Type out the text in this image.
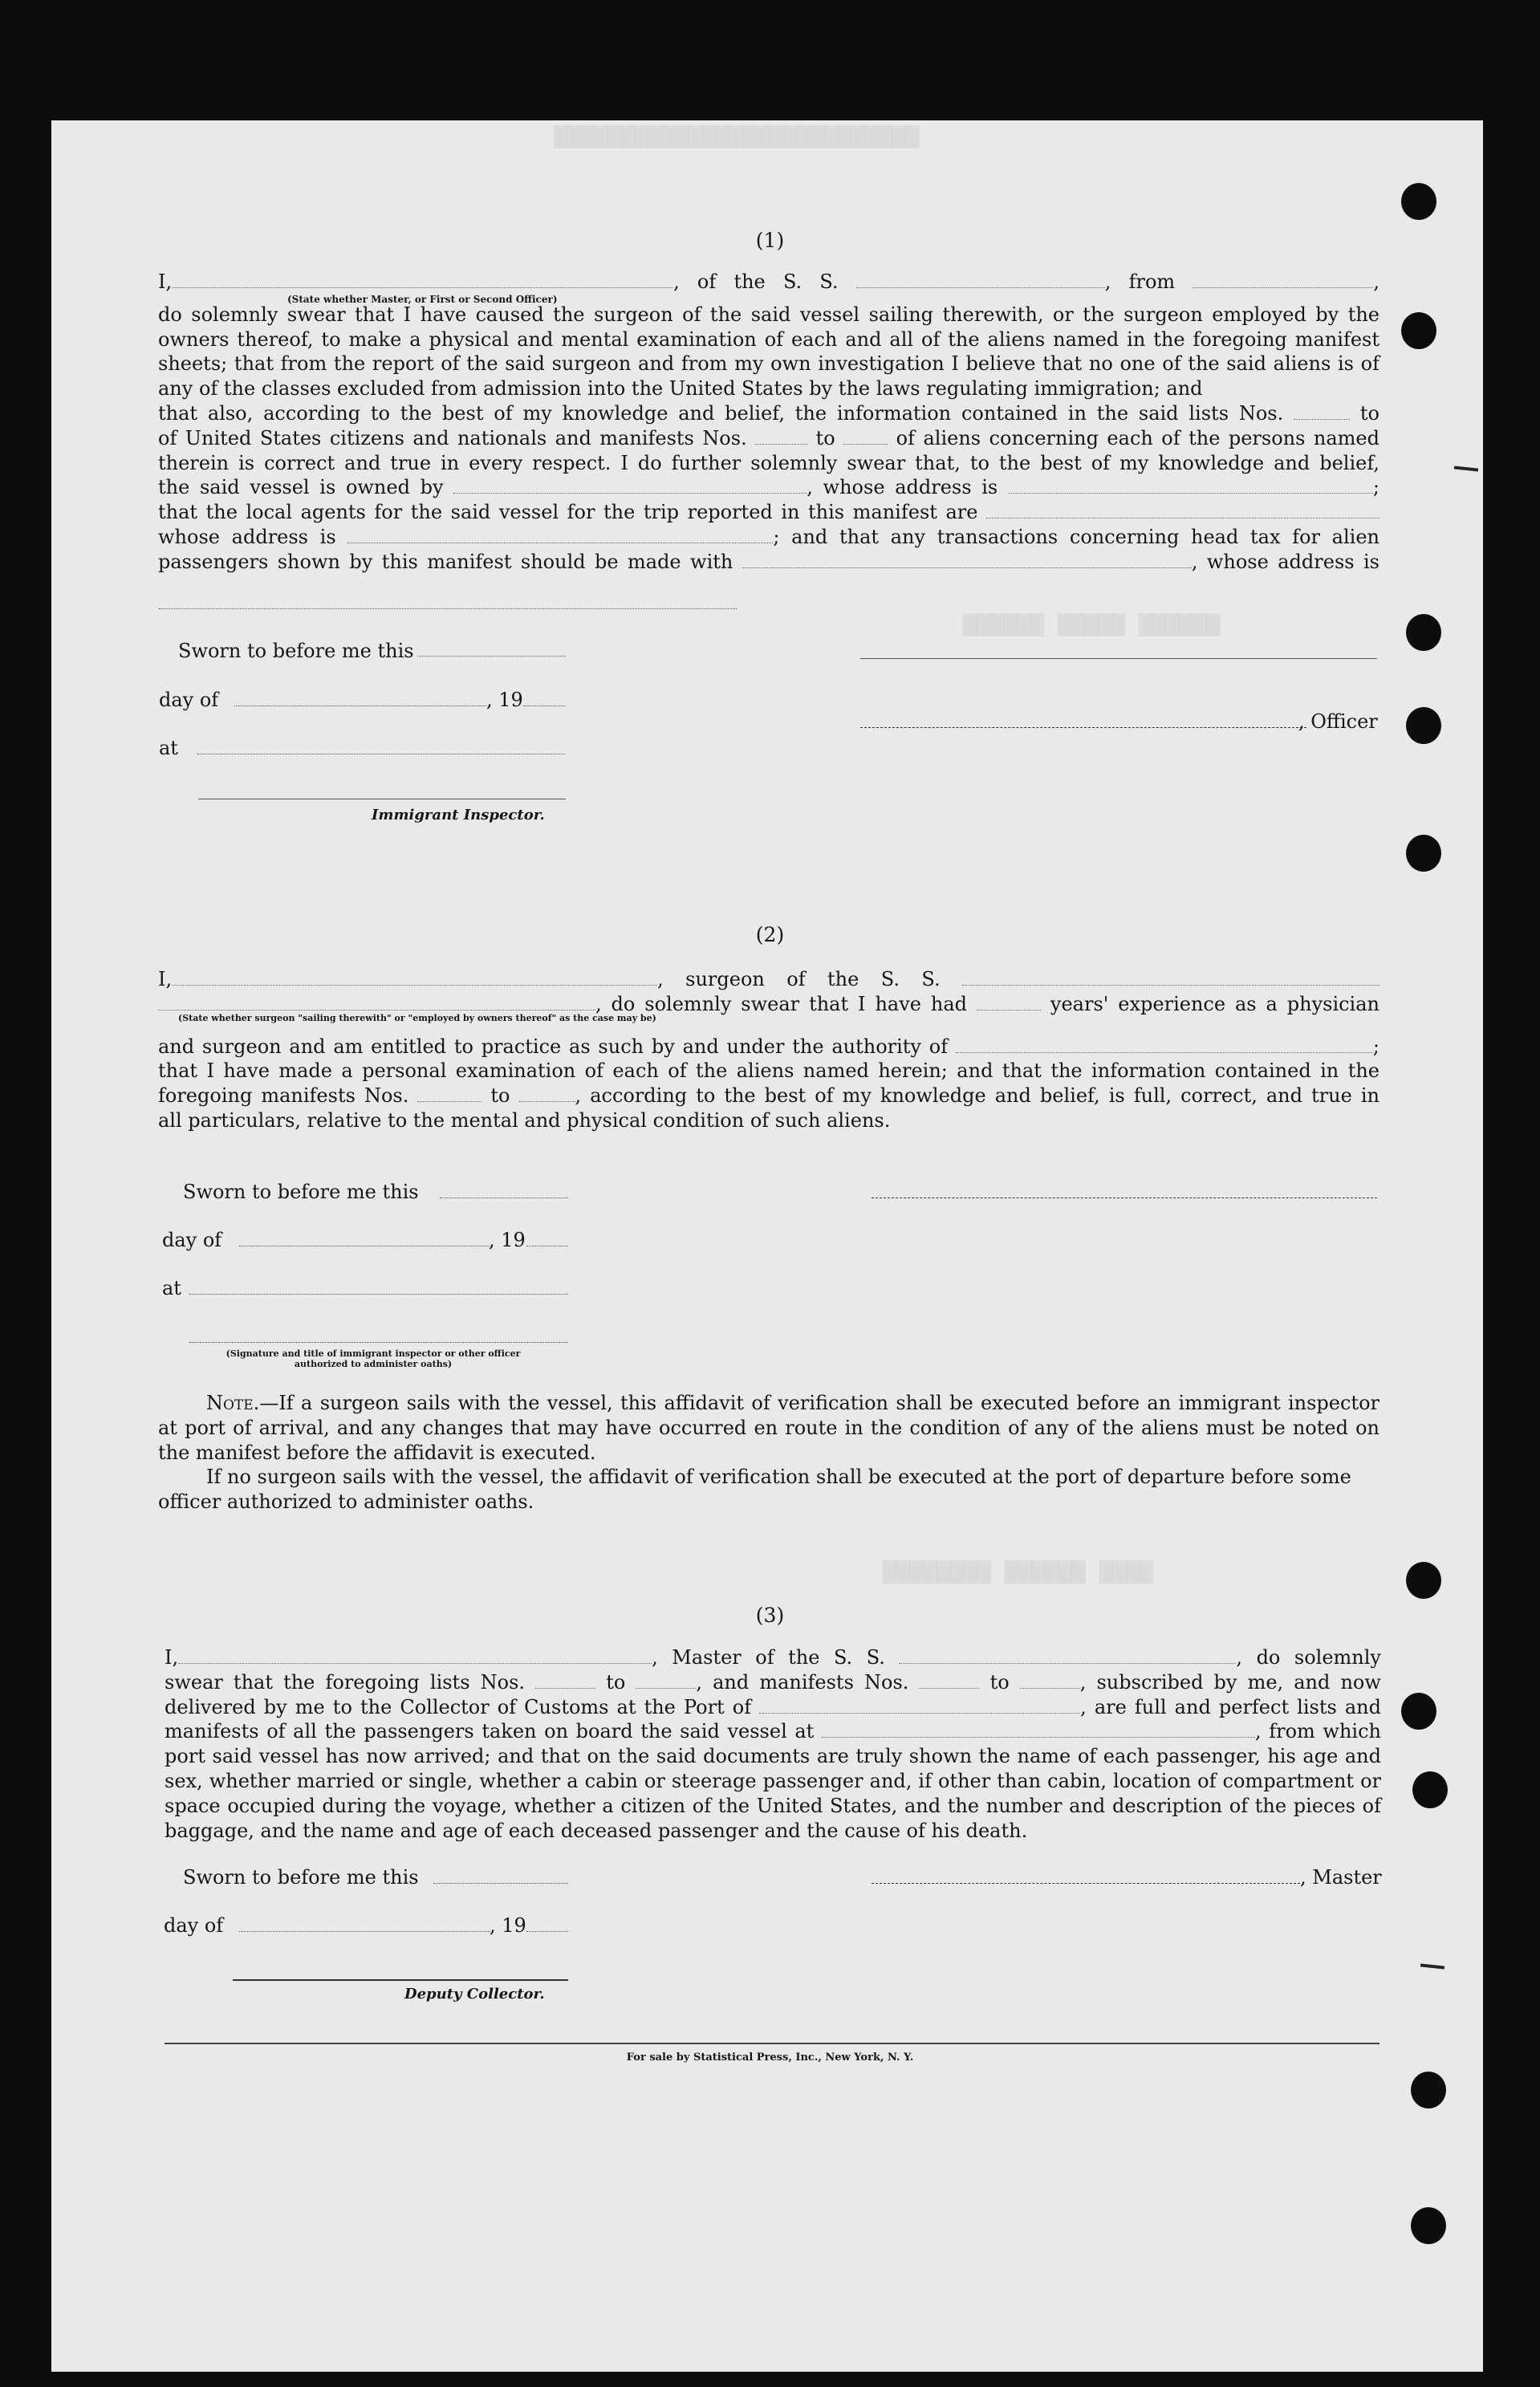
▇▇▇▇▇▇▇▇▇▇▇▇▇▇▇▇▇▇▇▇▇▇▇▇▇▇▇
▇▇▇▇▇▇ ▇▇▇▇▇ ▇▇▇▇▇▇
▇▇▇▇▇▇▇▇ ▇▇▇▇▇▇ ▇▇▇▇
(1)

I,	, of the S. S.	, from	,

do solemnly swear that I have caused the surgeon of the said vessel sailing therewith, or the surgeon employed by the owners thereof, to make a physical and mental examination of each and all of the aliens named in the foregoing manifest sheets; that from the report of the said surgeon and from my own investigation I believe that no one of the said aliens is of any of the classes excluded from admission into the United States by the laws regulating immigration; and

that also, according to the best of my knowledge and belief, the information contained in the said lists Nos.	to

of United States citizens and nationals and manifests Nos.	to	of aliens concerning each of the persons named

therein is correct and true in every respect. I do further solemnly swear that, to the best of my knowledge and belief,

the said vessel is owned by	, whose address is	;

that the local agents for the said vessel for the trip reported in this manifest are

whose address is	; and that any transactions concerning head tax for alien

passengers shown by this manifest should be made with	, whose address is

(State whether Master, or First or Second Officer)
Sworn to before me this
day of	, 19
at
Immigrant Inspector.
, Officer
(2)

I,	, surgeon of the S. S.

, do solemnly swear that I have had	years' experience as a physician

and surgeon and am entitled to practice as such by and under the authority of	;

that I have made a personal examination of each of the aliens named herein; and that the information contained in the

foregoing manifests Nos.	to	, according to the best of my knowledge and belief, is full, correct, and true in

all particulars, relative to the mental and physical condition of such aliens.

(State whether surgeon "sailing therewith" or "employed by owners thereof" as the case may be)
Sworn to before me this
day of	, 19
at
(Signature and title of immigrant inspector or other officer authorized to administer oaths)

Note.—If a surgeon sails with the vessel, this affidavit of verification shall be executed before an immigrant inspector at port of arrival, and any changes that may have occurred en route in the condition of any of the aliens must be noted on the manifest before the affidavit is executed.

If no surgeon sails with the vessel, the affidavit of verification shall be executed at the port of departure before some officer authorized to administer oaths.

(3)

I,	, Master of the S. S.	, do solemnly

swear that the foregoing lists Nos.	to	, and manifests Nos.	to	, subscribed by me, and now

delivered by me to the Collector of Customs at the Port of	, are full and perfect lists and

manifests of all the passengers taken on board the said vessel at	, from which

port said vessel has now arrived; and that on the said documents are truly shown the name of each passenger, his age and sex, whether married or single, whether a cabin or steerage passenger and, if other than cabin, location of compartment or space occupied during the voyage, whether a citizen of the United States, and the number and description of the pieces of baggage, and the name and age of each deceased passenger and the cause of his death.

Sworn to before me this
day of	, 19
Deputy Collector.
, Master
For sale by Statistical Press, Inc., New York, N. Y.
